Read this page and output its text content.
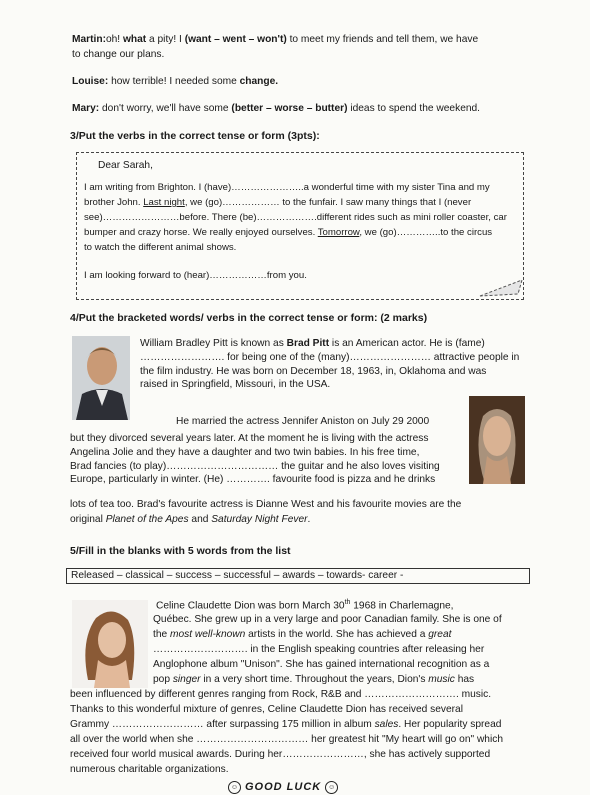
Martin:oh! what a pity! I (want – went – won't) to meet my friends and tell them, we have
to change our plans.
Louise: how terrible! I needed some change.
Mary: don't worry, we'll have some (better – worse – butter) ideas to spend the weekend.
3/Put the verbs in the correct tense or form (3pts):
Dear Sarah,
I am writing from Brighton. I (have)…………………..a wonderful time with my sister Tina and my
brother John. Last night, we (go)……………… to the funfair. I saw many things that I (never
see)……………………before. There (be)……………….different rides such as mini roller coaster, car
bumper and crazy horse. We really enjoyed ourselves. Tomorrow, we (go)…………..to the circus
to watch the different animal shows.
I am looking forward to (hear)………………from you.
4/Put the bracketed words/ verbs in the correct tense or form: (2 marks)
William Bradley Pitt is known as Brad Pitt is an American actor. He is (fame)
……………………. for being one of the (many)…………………… attractive people in
the film industry. He was born on December 18, 1963, in, Oklahoma and was
raised in Springfield, Missouri, in the USA.
He married the actress Jennifer Aniston on July 29 2000
but they divorced several years later. At the moment he is living with the actress
Angelina Jolie and they have a daughter and two twin babies. In his free time,
Brad fancies (to play)…………………………… the guitar and he also loves visiting
Europe, particularly in winter. (He) …………. favourite food is pizza and he drinks
lots of tea too. Brad's favourite actress is Dianne West and his favourite movies are the
original Planet of the Apes and Saturday Night Fever.
5/Fill in the blanks with 5 words from the list
Released – classical – success – successful – awards – towards- career -
Celine Claudette Dion was born March 30th 1968 in Charlemagne,
Québec. She grew up in a very large and poor Canadian family. She is one of
the most well-known artists in the world. She has achieved a great
………………………. in the English speaking countries after releasing her
Anglophone album "Unison". She has gained international recognition as a
pop singer in a very short time. Throughout the years, Dion's music has
been influenced by different genres ranging from Rock, R&B and ………………………. music.
Thanks to this wonderful mixture of genres, Celine Claudette Dion has received several
Grammy ……………………… after surpassing 175 million in album sales. Her popularity spread
all over the world when she …………………………… her greatest hit "My heart will go on" which
received four world musical awards. During her……………………, she has actively supported
numerous charitable organizations.
☺ GOOD LUCK ☺
